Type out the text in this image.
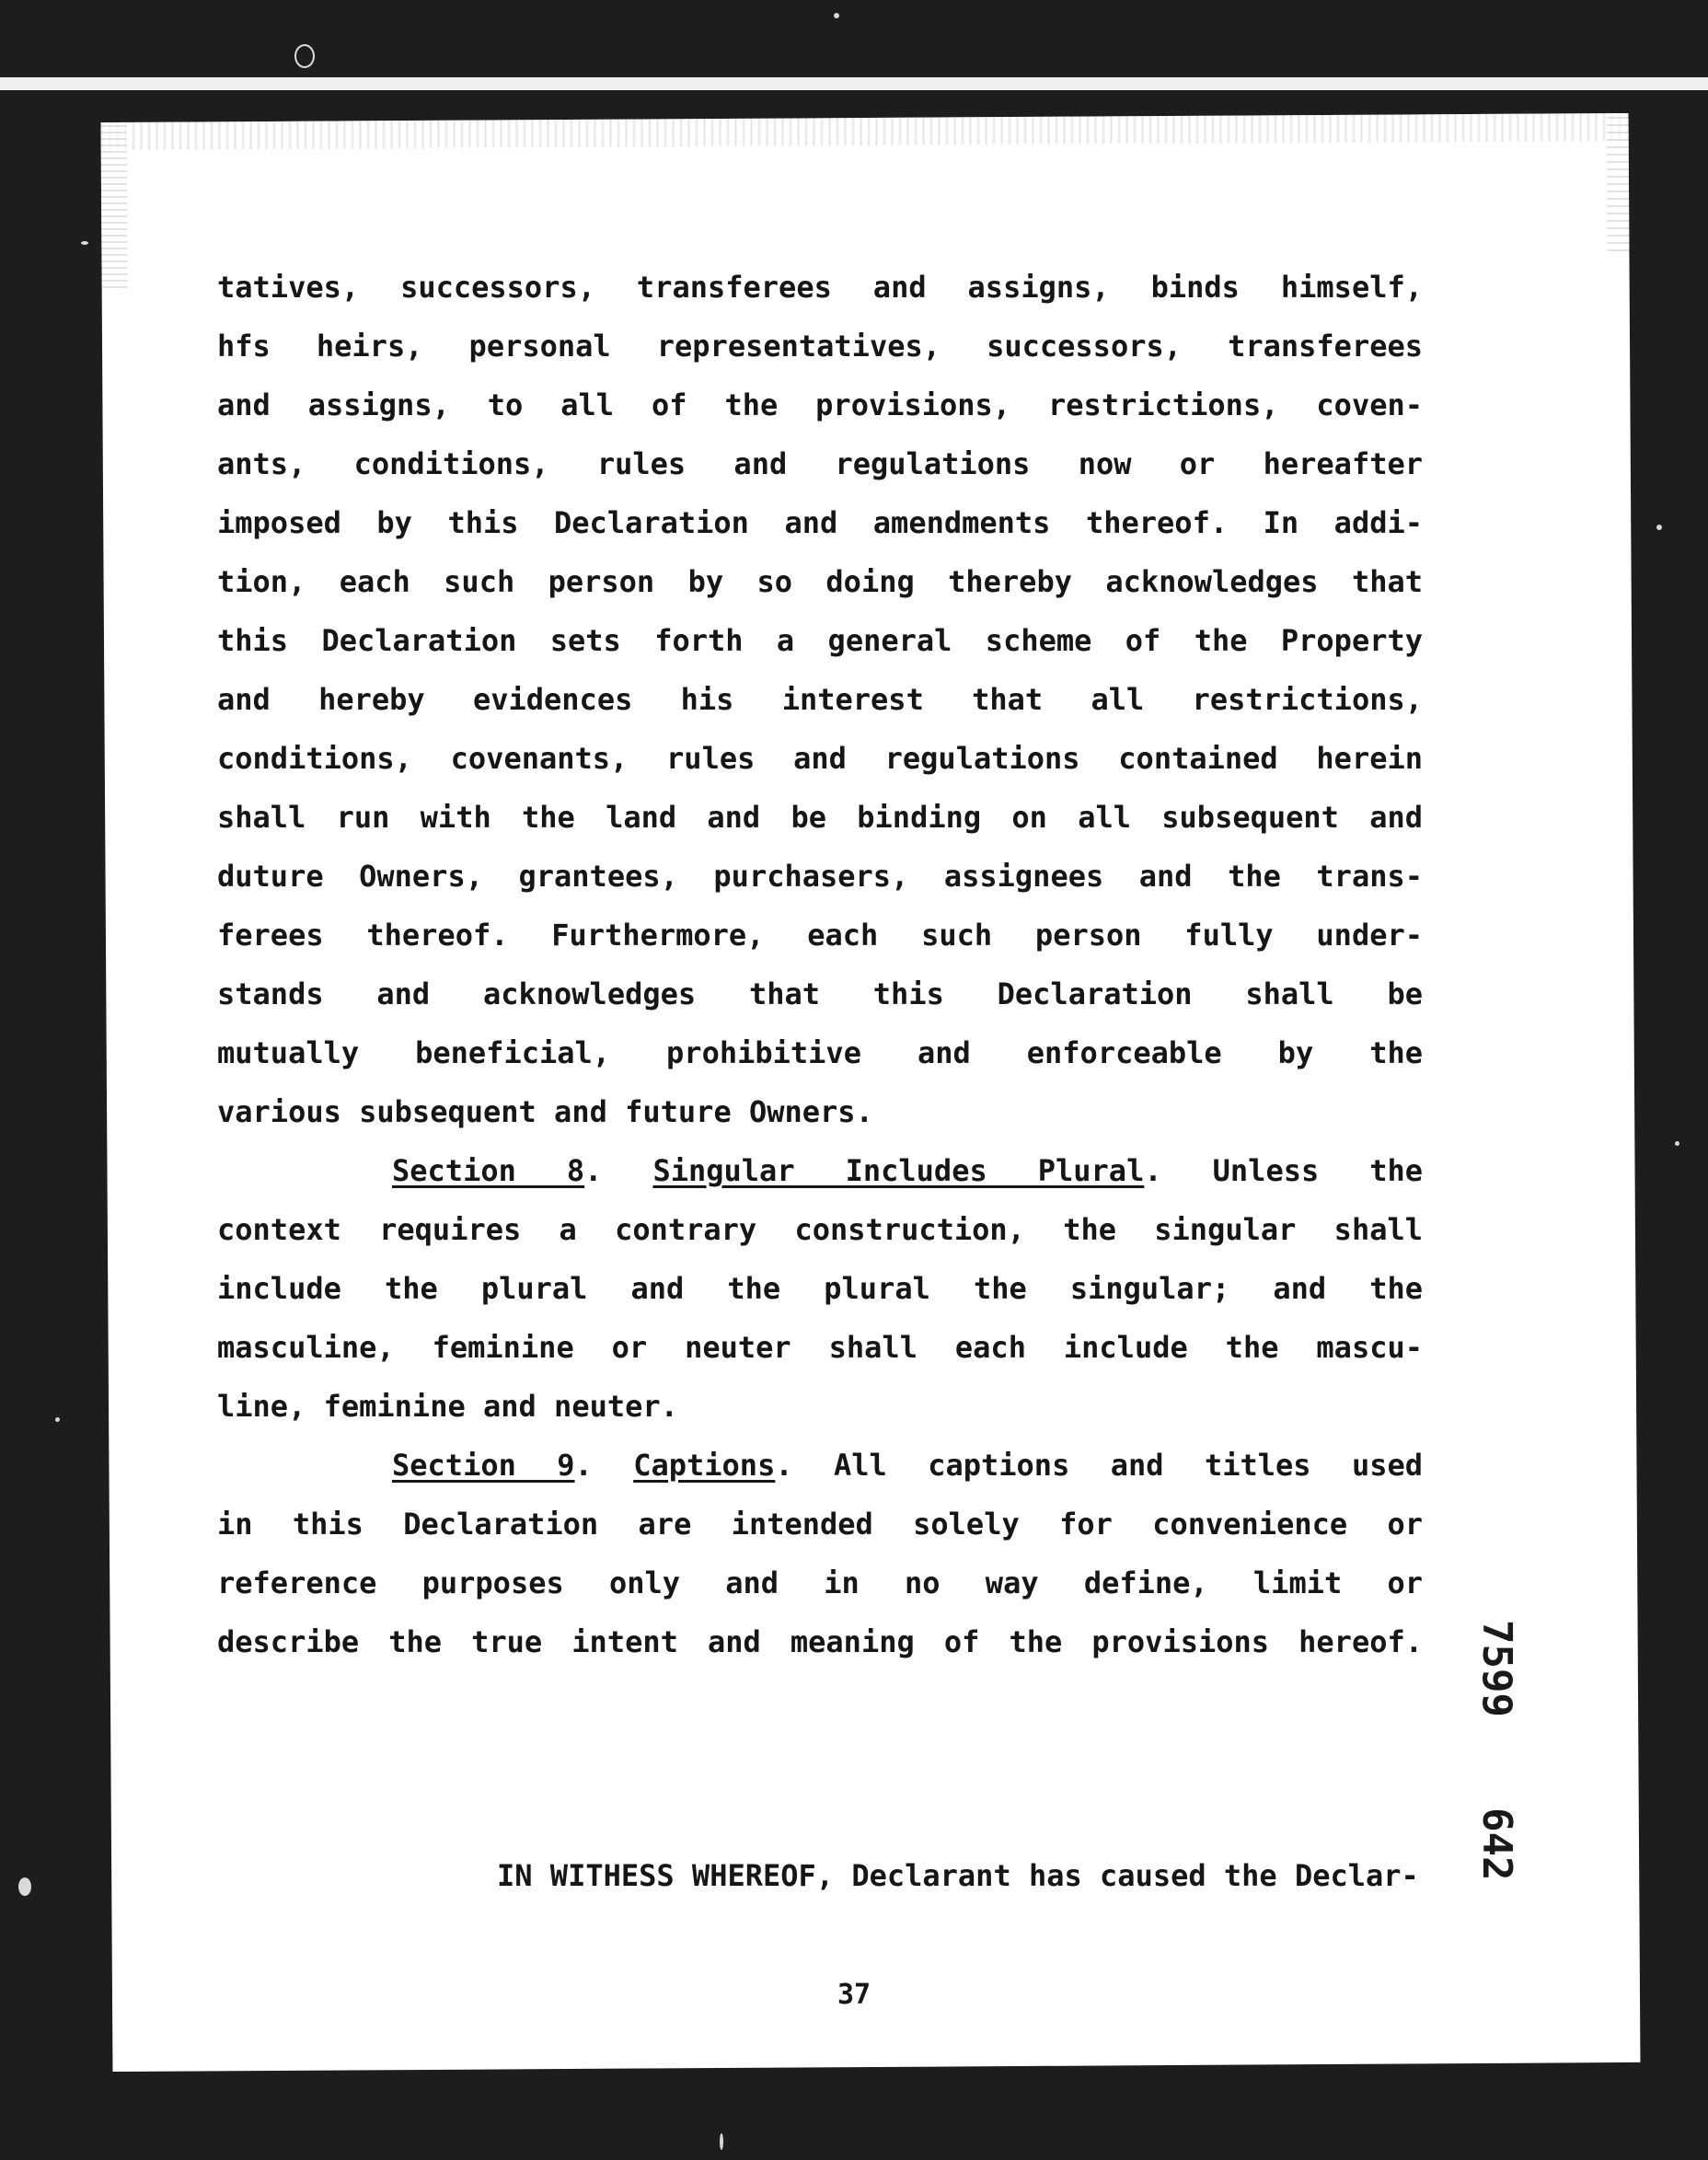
tatives, successors, transferees and assigns, binds himself,
hfs heirs, personal representatives, successors, transferees
and assigns, to all of the provisions, restrictions, coven-
ants, conditions, rules and regulations now or hereafter
imposed by this Declaration and amendments thereof. In addi-
tion, each such person by so doing thereby acknowledges that
this Declaration sets forth a general scheme of the Property
and hereby evidences his interest that all restrictions,
conditions, covenants, rules and regulations contained herein
shall run with the land and be binding on all subsequent and
duture Owners, grantees, purchasers, assignees and the trans-
ferees thereof. Furthermore, each such person fully under-
stands and acknowledges that this Declaration shall be
mutually beneficial, prohibitive and enforceable by the
various subsequent and future Owners.
Section 8. Singular Includes Plural. Unless the
context requires a contrary construction, the singular shall
include the plural and the plural the singular; and the
masculine, feminine or neuter shall each include the mascu-
line, feminine and neuter.
Section 9. Captions. All captions and titles used
in this Declaration are intended solely for convenience or
reference purposes only and in no way define, limit or
describe the true intent and meaning of the provisions hereof.
IN WITHESS WHEREOF, Declarant has caused the Declar-
7599
642
37
